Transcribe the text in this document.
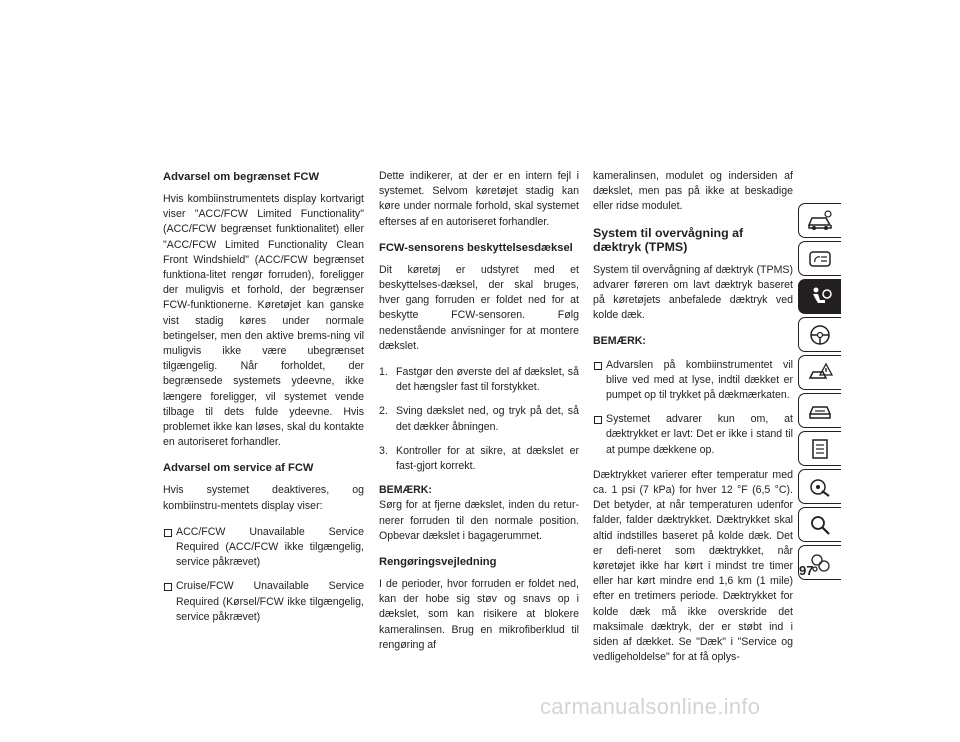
Advarsel om begrænset FCW

Hvis kombiinstrumentets display kortvarigt viser "ACC/FCW Limited Functionality" (ACC/FCW begrænset funktionalitet) eller "ACC/FCW Limited Functionality Clean Front Windshield" (ACC/FCW begrænset funktiona-litet rengør forruden), foreligger der muligvis et forhold, der begrænser FCW-funktionerne. Køretøjet kan ganske vist stadig køres under normale betingelser, men den aktive brems-ning vil muligvis ikke være ubegrænset tilgængelig. Når forholdet, der begrænsede systemets ydeevne, ikke længere foreligger, vil systemet vende tilbage til dets fulde ydeevne. Hvis problemet ikke kan løses, skal du kontakte en autoriseret forhandler.

Advarsel om service af FCW

Hvis systemet deaktiveres, og kombiinstru-mentets display viser:

ACC/FCW Unavailable Service Required (ACC/FCW ikke tilgængelig, service påkrævet)
Cruise/FCW Unavailable Service Required (Kørsel/FCW ikke tilgængelig, service påkrævet)

Dette indikerer, at der er en intern fejl i systemet. Selvom køretøjet stadig kan køre under normale forhold, skal systemet efterses af en autoriseret forhandler.

FCW-sensorens beskyttelsesdæksel

Dit køretøj er udstyret med et beskyttelses-dæksel, der skal bruges, hver gang forruden er foldet ned for at beskytte FCW-sensoren. Følg nedenstående anvisninger for at montere dækslet.

1. Fastgør den øverste del af dækslet, så det hængsler fast til forstykket.
2. Sving dækslet ned, og tryk på det, så det dækker åbningen.
3. Kontroller for at sikre, at dækslet er fast-gjort korrekt.
BEMÆRK:

Sørg for at fjerne dækslet, inden du retur-nerer forruden til den normale position. Opbevar dækslet i bagagerummet.

Rengøringsvejledning

I de perioder, hvor forruden er foldet ned, kan der hobe sig støv og snavs op i dækslet, som kan risikere at blokere kameralinsen. Brug en mikrofiberklud til rengøring af

kameralinsen, modulet og indersiden af dækslet, men pas på ikke at beskadige eller ridse modulet.

System til overvågning af dæktryk (TPMS)

System til overvågning af dæktryk (TPMS) advarer føreren om lavt dæktryk baseret på køretøjets anbefalede dæktryk ved kolde dæk.

BEMÆRK:
Advarslen på kombiinstrumentet vil blive ved med at lyse, indtil dækket er pumpet op til trykket på dækmærkaten.
Systemet advarer kun om, at dæktrykket er lavt: Det er ikke i stand til at pumpe dækkene op.

Dæktrykket varierer efter temperatur med ca. 1 psi (7 kPa) for hver 12 °F (6,5 °C). Det betyder, at når temperaturen udenfor falder, falder dæktrykket. Dæktrykket skal altid indstilles baseret på kolde dæk. Det er defi-neret som dæktrykket, når køretøjet ikke har kørt i mindst tre timer eller har kørt mindre end 1,6 km (1 mile) efter en tretimers periode. Dæktrykket for kolde dæk må ikke overskride det maksimale dæktryk, der er støbt ind i siden af dækket. Se "Dæk" i "Service og vedligeholdelse" for at få oplys-

97
carmanualsonline.info
